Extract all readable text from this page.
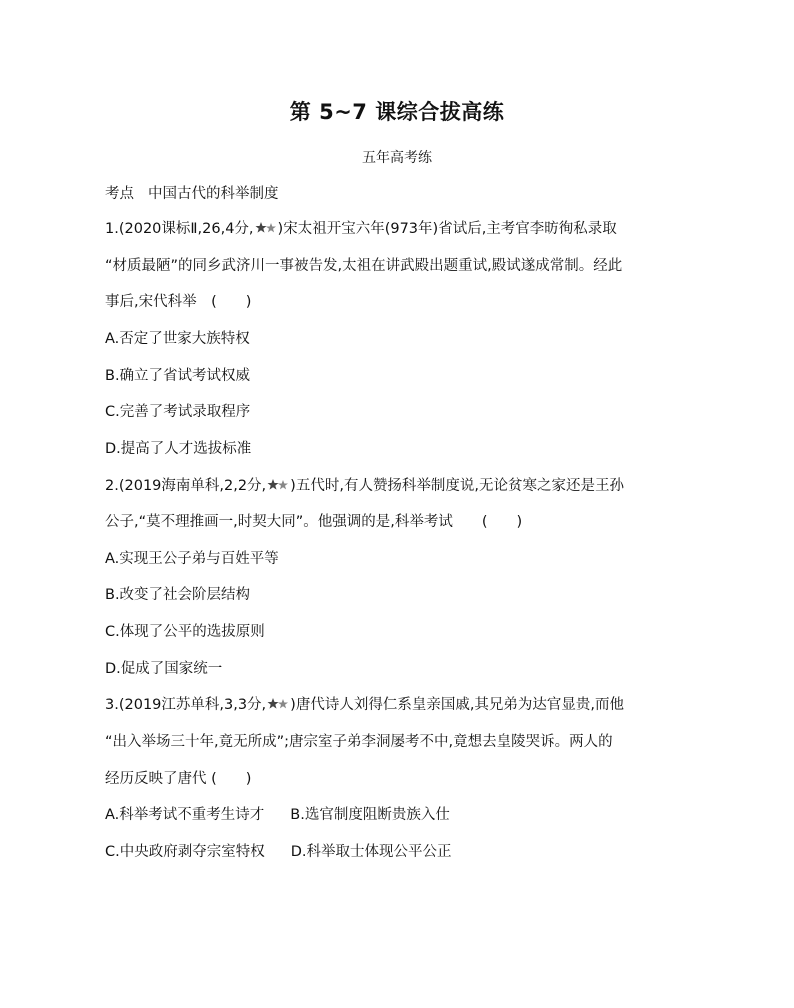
第 5~7 课综合拔高练
五年高考练
考点 中国古代的科举制度
1.(2020课标Ⅱ,26,4分, )宋太祖开宝六年(973年)省试后,主考官李昉徇私录取
“材质最陋”的同乡武济川一事被告发,太祖在讲武殿出题重试,殿试遂成常制。经此
事后,宋代科举　(　　)
A.否定了世家大族特权
B.确立了省试考试权威
C.完善了考试录取程序
D.提高了人才选拔标准
2.(2019海南单科,2,2分, )五代时,有人赞扬科举制度说,无论贫寒之家还是王孙
公子,“莫不理推画一,时契大同”。他强调的是,科举考试　　(　　)
A.实现王公子弟与百姓平等
B.改变了社会阶层结构
C.体现了公平的选拔原则
D.促成了国家统一
3.(2019江苏单科,3,3分, )唐代诗人刘得仁系皇亲国戚,其兄弟为达官显贵,而他
“出入举场三十年,竟无所成”;唐宗室子弟李洞屡考不中,竟想去皇陵哭诉。两人的
经历反映了唐代 (　　)
A.科举考试不重考生诗才 B.选官制度阻断贵族入仕
C.中央政府剥夺宗室特权 D.科举取士体现公平公正
